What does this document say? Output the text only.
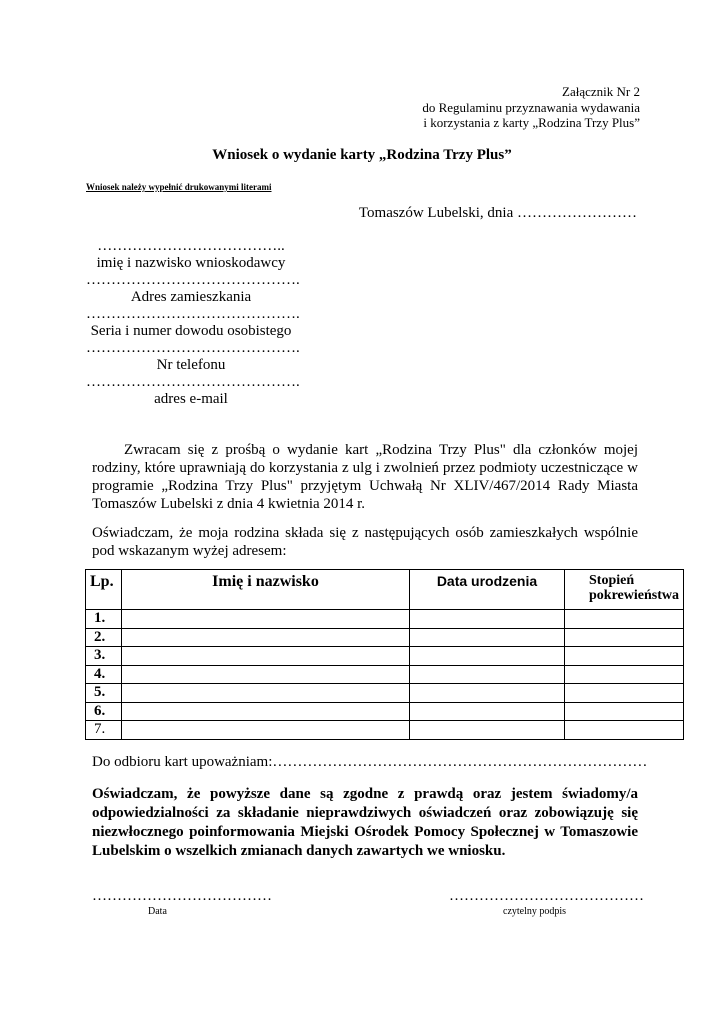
Załącznik Nr 2
do Regulaminu przyznawania wydawania
i korzystania z karty „Rodzina Trzy Plus”
Wniosek o wydanie karty „Rodzina Trzy Plus”
Wniosek należy wypełnić drukowanymi literami
Tomaszów Lubelski, dnia ……………………
………………………………..
imię i nazwisko wnioskodawcy
…………………………………….
Adres zamieszkania
…………………………………….
Seria i numer dowodu osobistego
…………………………………….
Nr telefonu
…………………………………….
adres e-mail
Zwracam się z prośbą o wydanie kart „Rodzina Trzy Plus" dla członków mojej rodziny, które uprawniają do korzystania z ulg i zwolnień przez podmioty uczestniczące w programie „Rodzina Trzy Plus" przyjętym Uchwałą Nr XLIV/467/2014 Rady Miasta Tomaszów Lubelski z dnia 4 kwietnia 2014 r.
Oświadczam, że moja rodzina składa się z następujących osób zamieszkałych wspólnie pod wskazanym wyżej adresem:
Lp.	Imię i nazwisko	Data urodzenia	Stopień
pokrewieństwa
1.			
2.			
3.			
4.			
5.			
6.			
7.			
Do odbioru kart upoważniam:…………………………………………………………………
Oświadczam, że powyższe dane są zgodne z prawdą oraz jestem świadomy/a odpowiedzialności za składanie nieprawdziwych oświadczeń oraz zobowiązuję się niezwłocznego poinformowania Miejski Ośrodek Pomocy Społecznej w Tomaszowie Lubelskim o wszelkich zmianach danych zawartych we wniosku.
………………………………
Data
…………………………………
czytelny podpis
